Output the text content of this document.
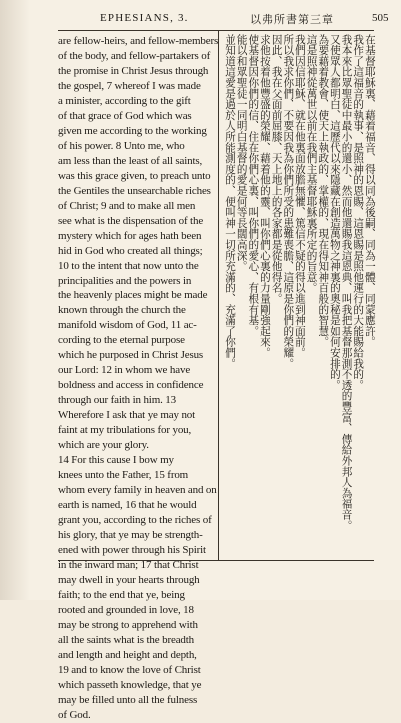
EPHESIANS, 3.	以弗所書第三章	505
are fellow-heirs, and fellow-members
of the body, and fellow-partakers of
the promise in Christ Jesus through
the gospel, 7 whereof I was made
a minister, according to the gift
of that grace of God which was
given me according to the working
of his power. 8 Unto me, who
am less than the least of all saints,
was this grace given, to preach unto
the Gentiles the unsearchable riches
of Christ; 9 and to make all men
see what is the dispensation of the
mystery which for ages hath been
hid in God who created all things;
10 to the intent that now unto the
principalities and the powers in
the heavenly places might be made
known through the church the
manifold wisdom of God, 11 ac-
cording to the eternal purpose
which he purposed in Christ Jesus
our Lord: 12 in whom we have
boldness and access in confidence
through our faith in him. 13
Wherefore I ask that ye may not
faint at my tribulations for you,
which are your glory.
14 For this cause I bow my
knees unto the Father, 15 from
whom every family in heaven and on
earth is named, 16 that he would
grant you, according to the riches of
his glory, that ye may be strength-
ened with power through his Spirit
in the inward man; 17 that Christ
may dwell in your hearts through
faith; to the end that ye, being
rooted and grounded in love, 18
may be strong to apprehend with
all the saints what is the breadth
and length and height and depth,
19 and to know the love of Christ
which passeth knowledge, that ye
may be filled unto all the fulness
of God.
在基督耶穌裏、藉着福音、得以同為後嗣、同為一體、同蒙應許。
我作了這福音的執事、是照神的恩賜、這恩賜是照他運行的大能賜給我的。
我本來比眾聖徒中最小的還小、然而他還賜我這恩典、叫我把基督那測不透的豐富、傳給外邦人為福音。
又使眾人都明白、這歷代以來隱藏在創造萬物之神裏的奧秘是如何安排的。
為要藉着教會、使天上執政的、掌權的、現在得知神百般的智慧。
這是照神從萬世以前在我們主基督耶穌裏所定的旨意。
我們因信耶穌、就在他裏面放膽無懼、篤信不疑的得以進到神面前。
所以我求你們、不要因我為你們所受的患難喪膽、這原是你們的榮耀。
因此、我在父面前屈膝、天上地上的各家都是從他得名。
求他按着他豐盛的榮耀、藉着他的靈、叫你們心裏的力量剛強起來。
使基督因你們的信、住在你們心裏、叫你們的愛心、有根有基。
能以和眾聖徒一同明白基督的愛是何等長闊高深。
並知道這愛是過於人所能測度的、便叫神一切所充滿的、充滿了你們。
